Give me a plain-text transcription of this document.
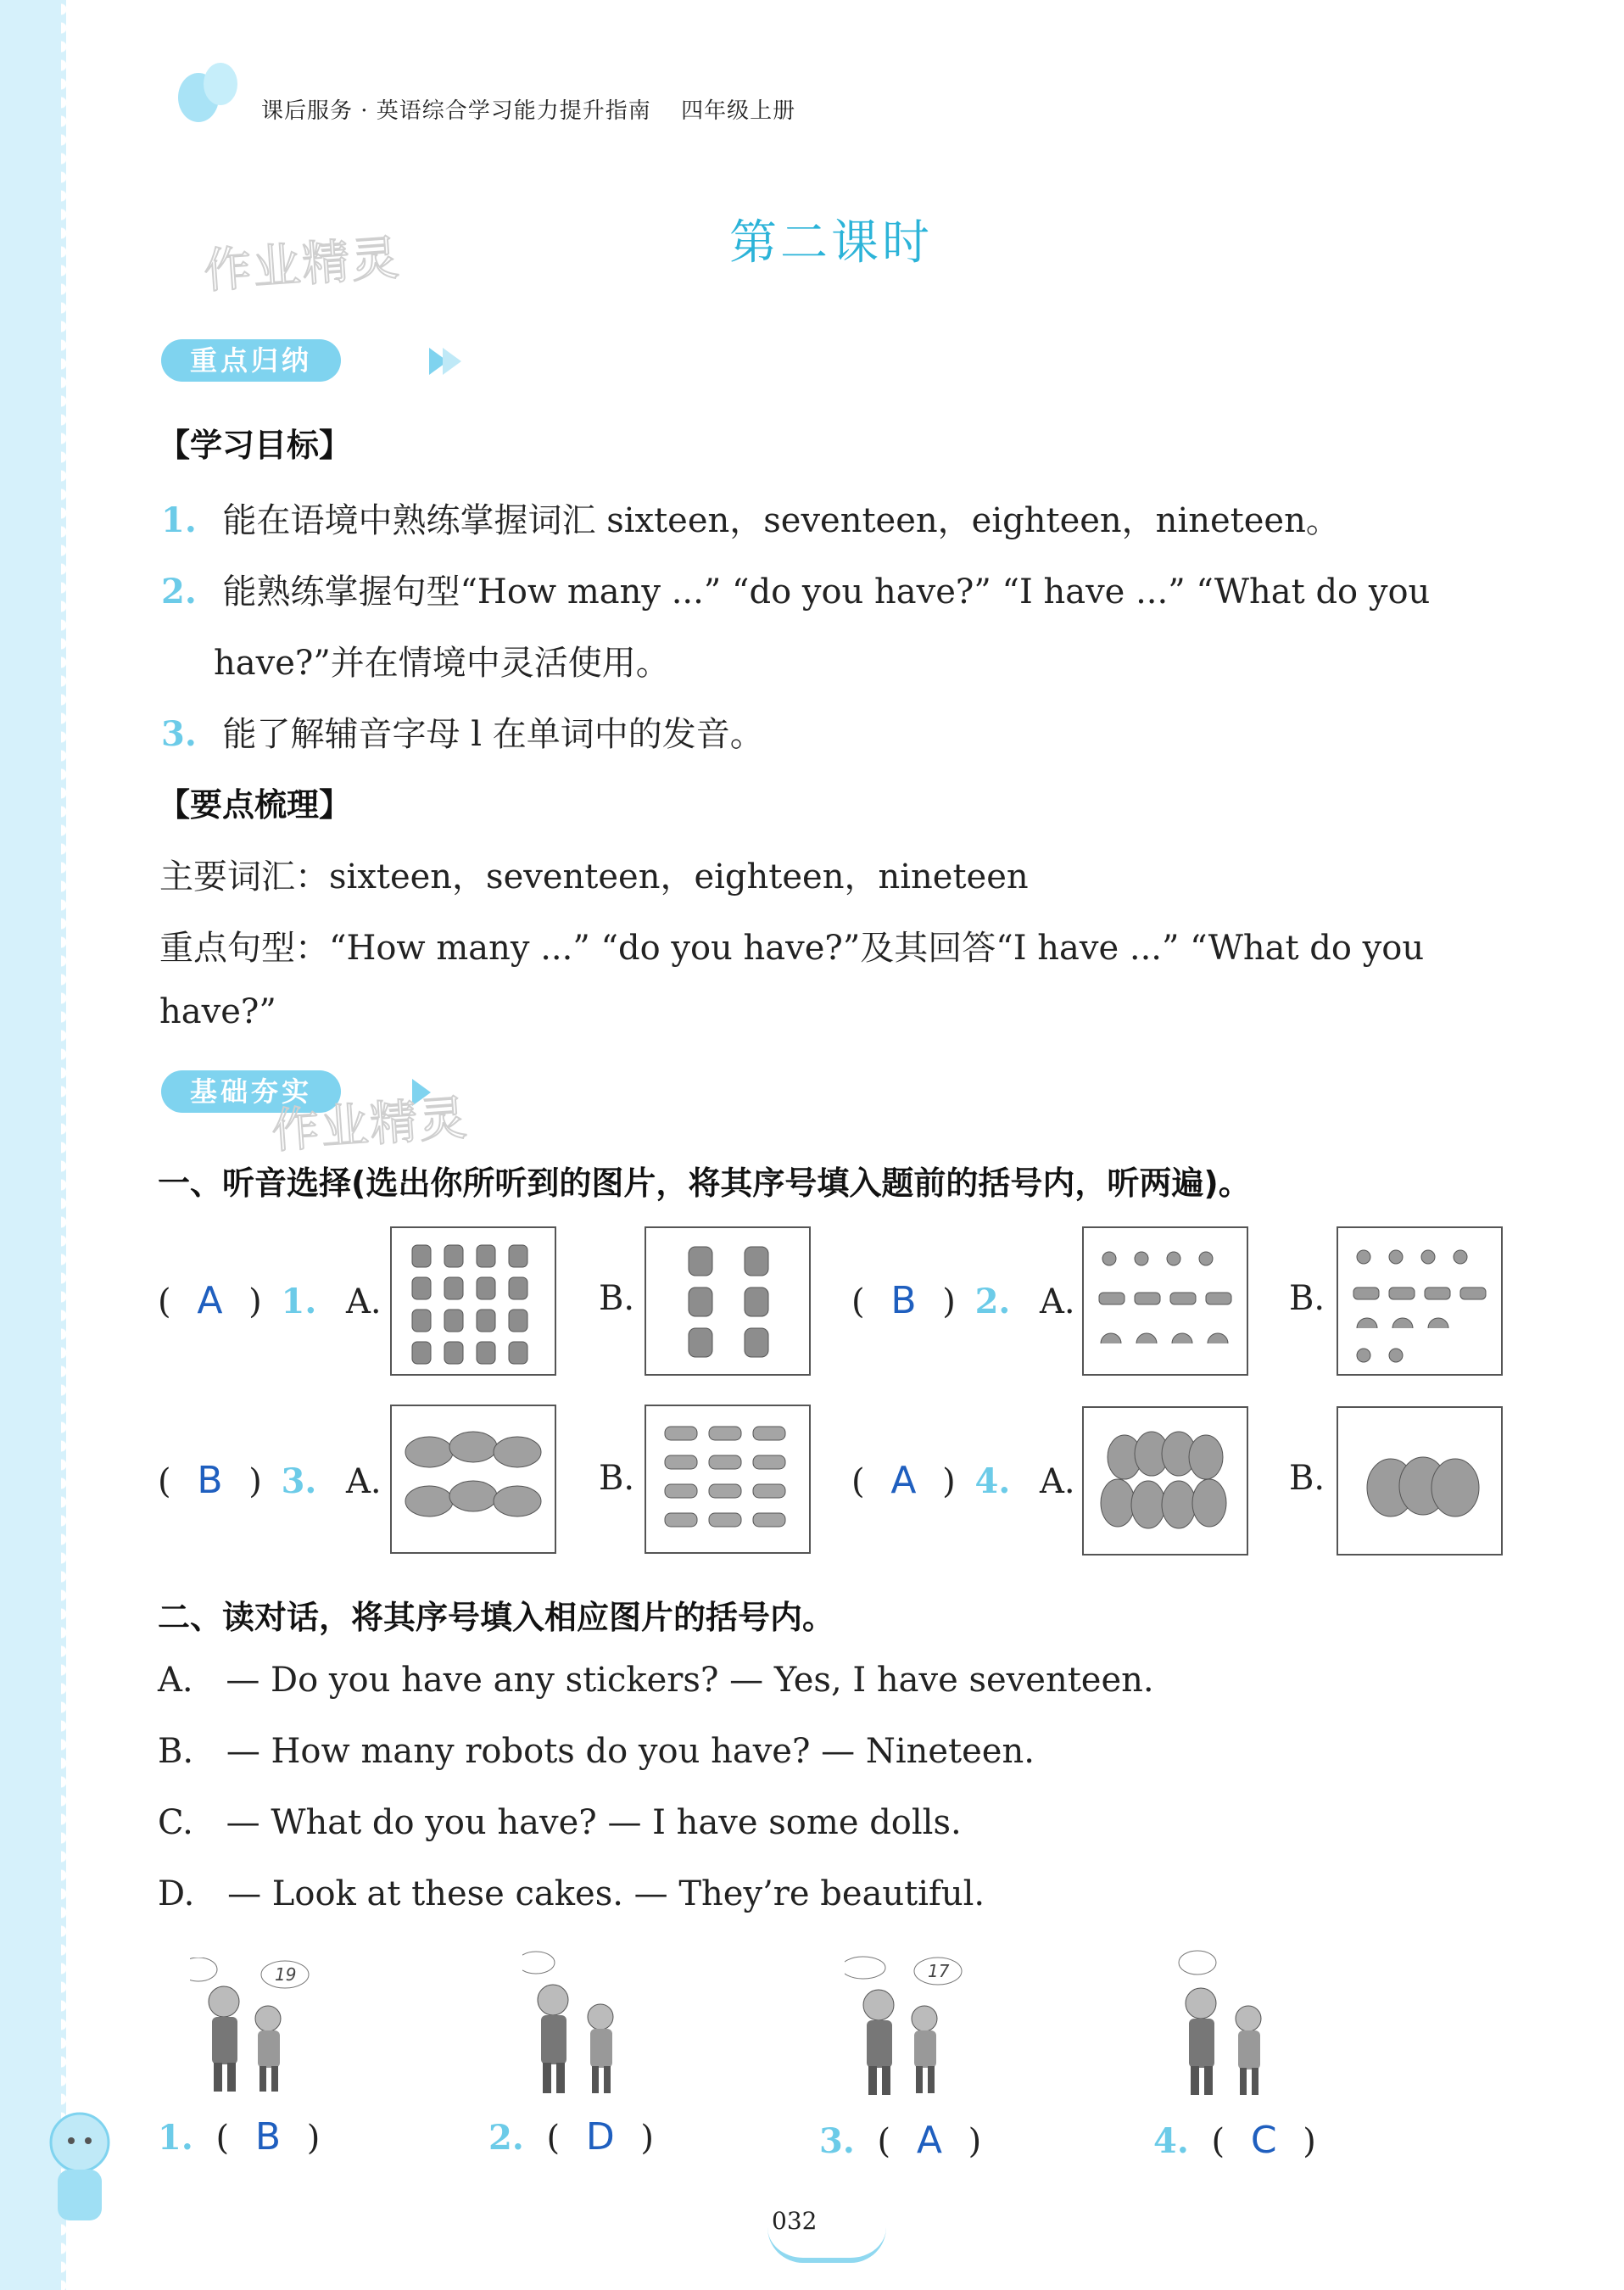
课后服务 · 英语综合学习能力提升指南 四年级上册
作业精灵	第二课时
重点归纳
【学习目标】
1. 能在语境中熟练掌握词汇 sixteen，seventeen，eighteen，nineteen。
2. 能熟练掌握句型“How many ...” “do you have?” “I have ...” “What do you
have?”并在情境中灵活使用。
3. 能了解辅音字母 l 在单词中的发音。
【要点梳理】
主要词汇：sixteen，seventeen，eighteen，nineteen
重点句型：“How many ...” “do you have?”及其回答“I have ...” “What do you
have?”
基础夯实
作业精灵
一、听音选择(选出你所听到的图片，将其序号填入题前的括号内，听两遍)。
( A ) 1. A.	B.	( B ) 2. A.	B.
( B ) 3. A.	B.	( A ) 4. A.	B.
二、读对话，将其序号填入相应图片的括号内。
A. — Do you have any stickers? — Yes, I have seventeen.
B. — How many robots do you have? — Nineteen.
C. — What do you have? — I have some dolls.
D. — Look at these cakes. — They’re beautiful.
19	17
1. ( B )	2. ( D )	3. ( A )	4. ( C )
032
